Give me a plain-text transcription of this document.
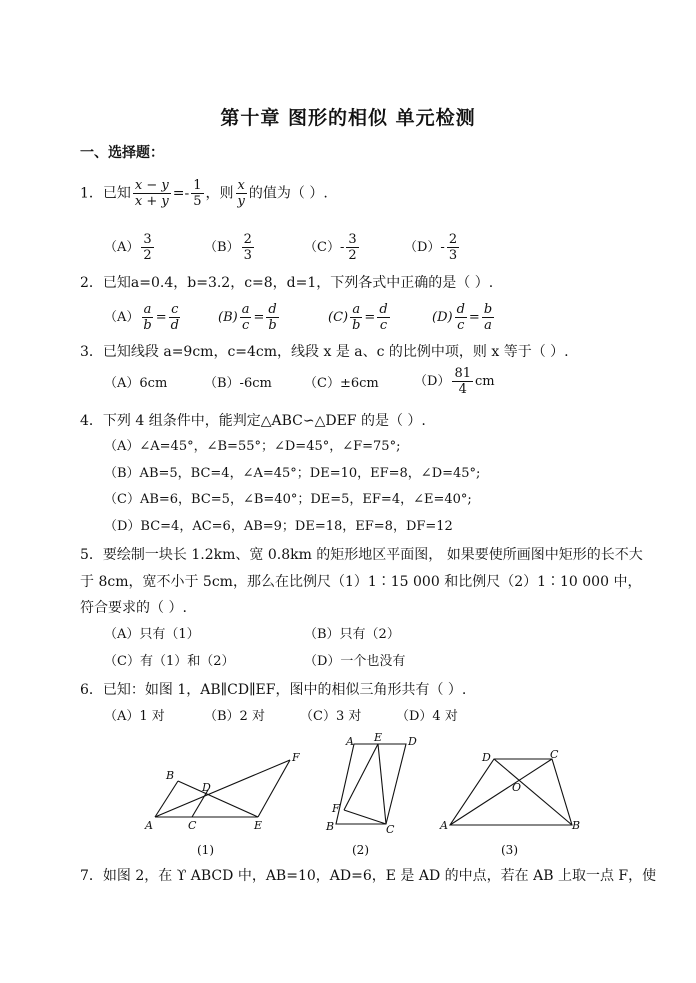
第十章 图形的相似 单元检测
一、选择题：
1．已知 $\frac{x - y}{x + y} =- \frac{1}{5}$ ，则 $\frac{x}{y}$ 的值为（ ）.
$(A) \frac{3}{2}$	$(B) \frac{2}{3}$	$(C)- \frac{3}{2}$	$(D)- \frac{2}{3}$
2．已知a=0.4，b=3.2，c=8，d=1，下列各式中正确的是（ ）.
$(A) \frac{a}{b} = \frac{c}{d}$	$(B) \frac{a}{c} = \frac{d}{b}$	$(C) \frac{a}{b} = \frac{d}{c}$	$(D) \frac{d}{c} = \frac{b}{a}$
3．已知线段 a=9cm，c=4cm，线段 x 是 a、c 的比例中项，则 x 等于（ ）.
（A）6cm	（B）-6cm （C）±6cm	$(D) \frac{81}{4}$ cm
4．下列 4 组条件中，能判定△ABC∽△DEF 的是（ ）.
（A）∠A=45°，∠B=55°；∠D=45°，∠F=75°;
（B）AB=5，BC=4，∠A=45°；DE=10，EF=8，∠D=45°;
（C）AB=6，BC=5，∠B=40°；DE=5，EF=4，∠E=40°;
（D）BC=4，AC=6，AB=9；DE=18，EF=8，DF=12
5．要绘制一块长 1.2km、宽 0.8km 的矩形地区平面图， 如果要使所画图中矩形的长不大
于 8cm，宽不小于 5cm，那么在比例尺（1）1∶15 000 和比例尺（2）1∶10 000 中，
符合要求的（ ）.
（A）只有（1）	（B）只有（2）
（C）有（1）和（2）	（D）一个也没有
6．已知：如图 1，AB∥CD∥EF，图中的相似三角形共有（ ）.
（A）1 对	（B）2 对	（C）3 对	（D）4 对
A
B
C
D
E
F
(1)
A E D
F
B	C
(2)
D	C
O
A	B
(3)
7．如图 2，在 ϒ ABCD 中，AB=10，AD=6，E 是 AD 的中点，若在 AB 上取一点 F，使
